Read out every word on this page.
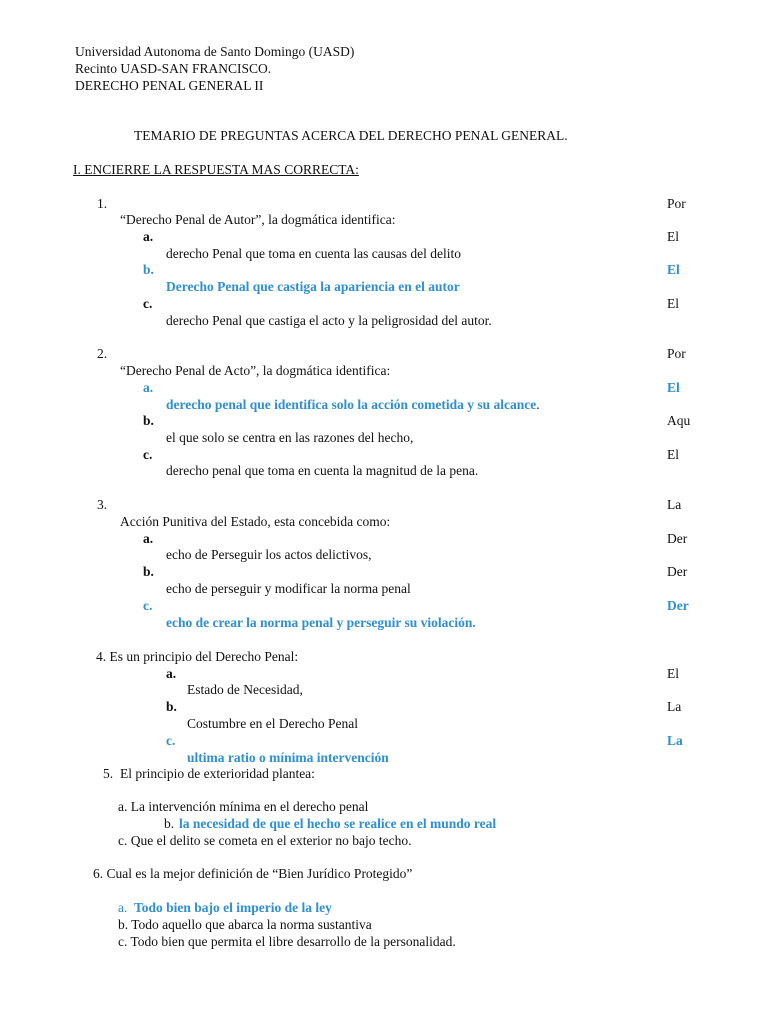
Universidad Autonoma de Santo Domingo (UASD)
Recinto UASD-SAN FRANCISCO.
DERECHO PENAL GENERAL II
TEMARIO DE PREGUNTAS ACERCA DEL DERECHO PENAL GENERAL.
I. ENCIERRE LA RESPUESTA MAS CORRECTA:
1.	Por
“Derecho Penal de Autor”, la dogmática identifica:
a.	El
derecho Penal que toma en cuenta las causas del delito
b.	El
Derecho Penal que castiga la apariencia en el autor
c.	El
derecho Penal que castiga el acto y la peligrosidad del autor.
2.	Por
“Derecho Penal de Acto”, la dogmática identifica:
a.	El
derecho penal que identifica solo la acción cometida y su alcance.
b.	Aqu
el que solo se centra en las razones del hecho,
c.	El
derecho penal que toma en cuenta la magnitud de la pena.
3.	La
Acción Punitiva del Estado, esta concebida como:
a.	Der
echo de Perseguir los actos delictivos,
b.	Der
echo de perseguir y modificar la norma penal
c.	Der
echo de crear la norma penal y perseguir su violación.
4. Es un principio del Derecho Penal:
a.	El
Estado de Necesidad,
b.	La
Costumbre en el Derecho Penal
c.	La
ultima ratio o mínima intervención
5. El principio de exterioridad plantea:
a. La intervención mínima en el derecho penal
b. la necesidad de que el hecho se realice en el mundo real
c. Que el delito se cometa en el exterior no bajo techo.
6. Cual es la mejor definición de “Bien Jurídico Protegido”
a. Todo bien bajo el imperio de la ley
b. Todo aquello que abarca la norma sustantiva
c. Todo bien que permita el libre desarrollo de la personalidad.
